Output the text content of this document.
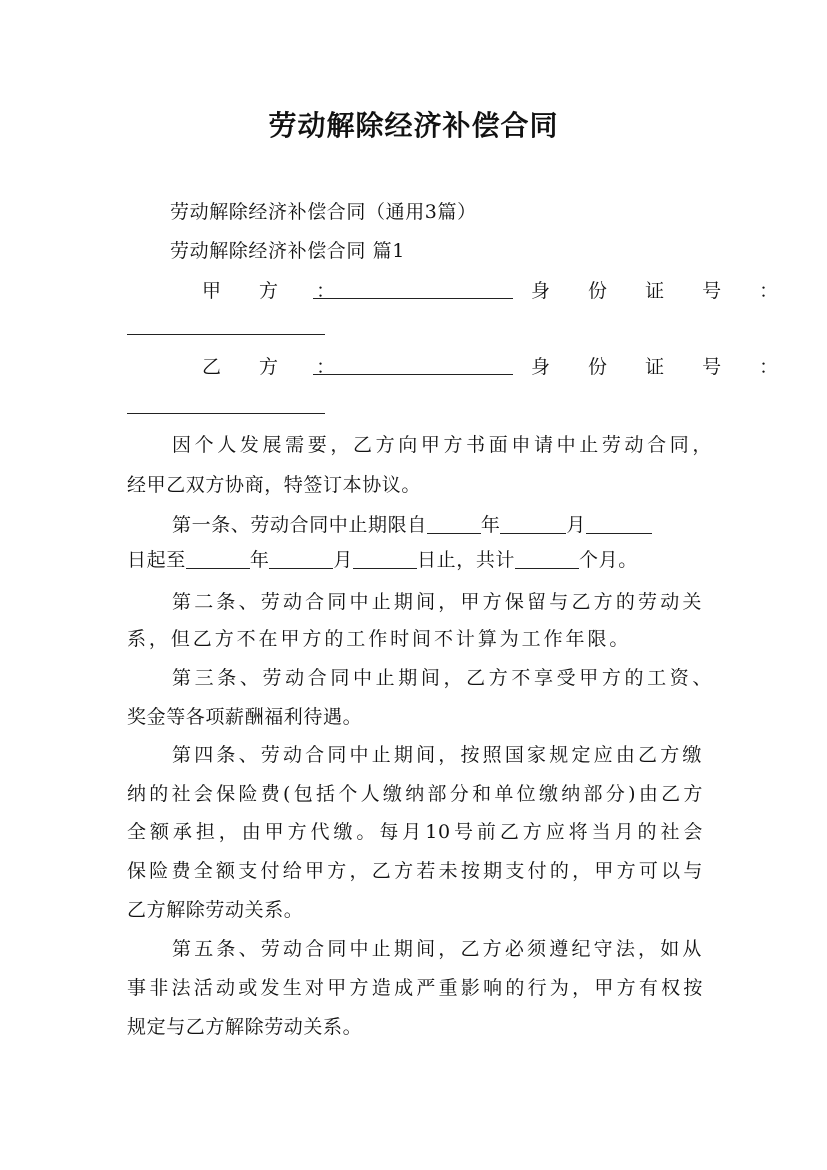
劳动解除经济补偿合同
劳动解除经济补偿合同（通用3篇）
劳动解除经济补偿合同 篇1
甲 方 ：	身 份 证 号 ：
乙 方 ：	身 份 证 号 ：
因个人发展需要，乙方向甲方书面申请中止劳动合同，
经甲乙双方协商，特签订本协议。
第一条、劳动合同中止期限自	年	月
日起至	年	月	日止，共计	个月。
第二条、劳动合同中止期间，甲方保留与乙方的劳动关
系，但乙方不在甲方的工作时间不计算为工作年限。
第三条、劳动合同中止期间，乙方不享受甲方的工资、
奖金等各项薪酬福利待遇。
第四条、劳动合同中止期间，按照国家规定应由乙方缴
纳的社会保险费(包括个人缴纳部分和单位缴纳部分)由乙方
全额承担，由甲方代缴。每月10号前乙方应将当月的社会
保险费全额支付给甲方，乙方若未按期支付的，甲方可以与
乙方解除劳动关系。
第五条、劳动合同中止期间，乙方必须遵纪守法，如从
事非法活动或发生对甲方造成严重影响的行为，甲方有权按
规定与乙方解除劳动关系。
